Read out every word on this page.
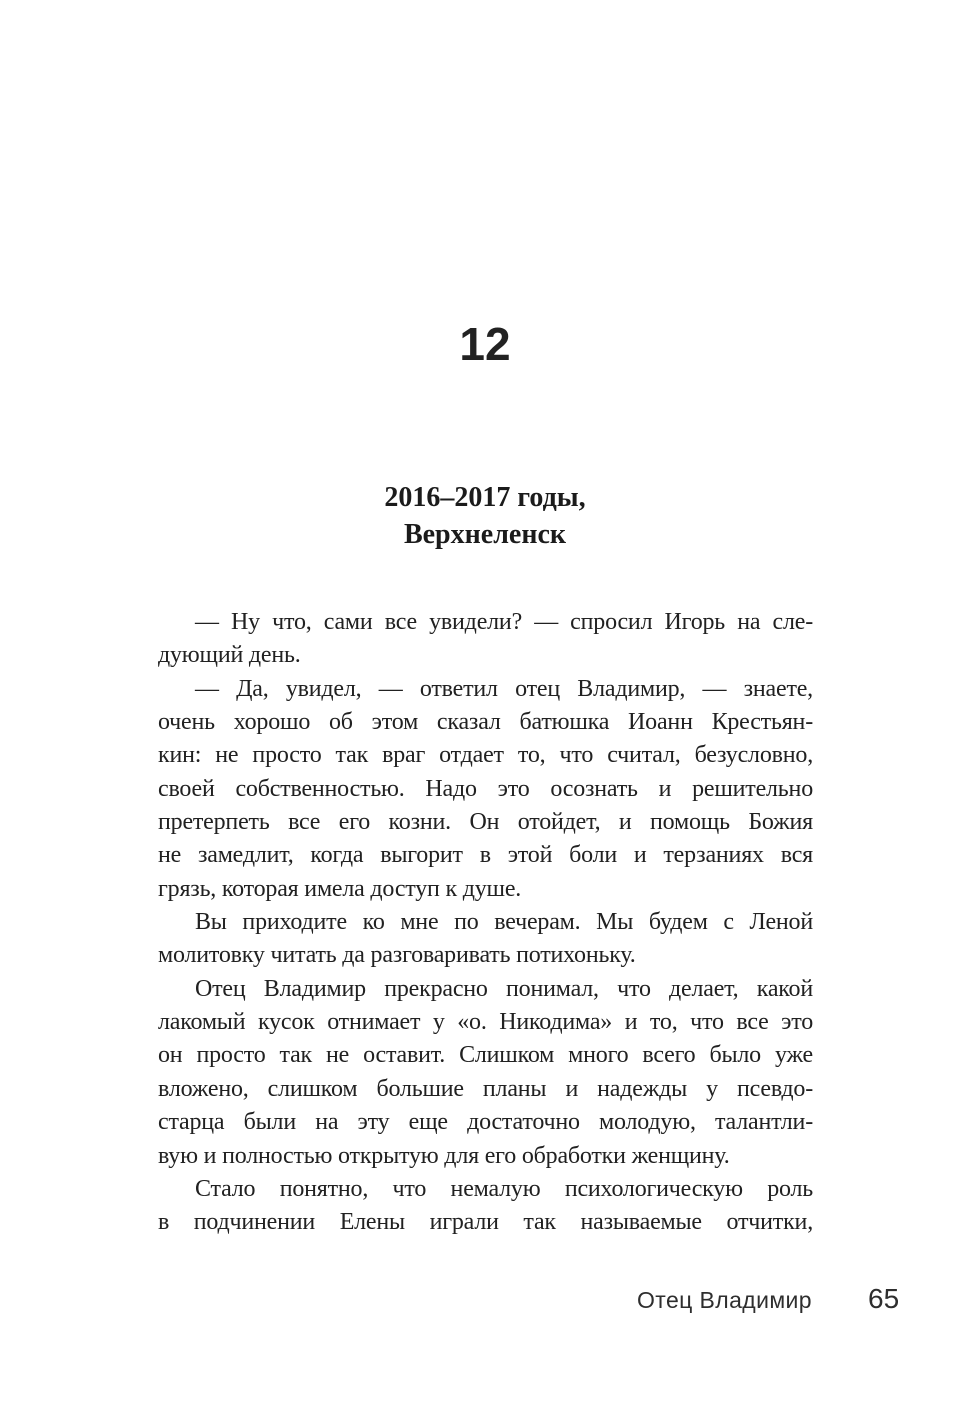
12
2016–2017 годы,
Верхнеленск
— Ну что, сами все увидели? — спросил Игорь на сле-
дующий день.
— Да, увидел, — ответил отец Владимир, — знаете,
очень хорошо об этом сказал батюшка Иоанн Крестьян-
кин: не просто так враг отдает то, что считал, безусловно,
своей собственностью. Надо это осознать и решительно
претерпеть все его козни. Он отойдет, и помощь Божия
не замедлит, когда выгорит в этой боли и терзаниях вся
грязь, которая имела доступ к душе.
Вы приходите ко мне по вечерам. Мы будем с Леной
молитовку читать да разговаривать потихоньку.
Отец Владимир прекрасно понимал, что делает, какой
лакомый кусок отнимает у «о. Никодима» и то, что все это
он просто так не оставит. Слишком много всего было уже
вложено, слишком большие планы и надежды у псевдо-
старца были на эту еще достаточно молодую, талантли-
вую и полностью открытую для его обработки женщину.
Стало понятно, что немалую психологическую роль
в подчинении Елены играли так называемые отчитки,
Отец Владимир 65
